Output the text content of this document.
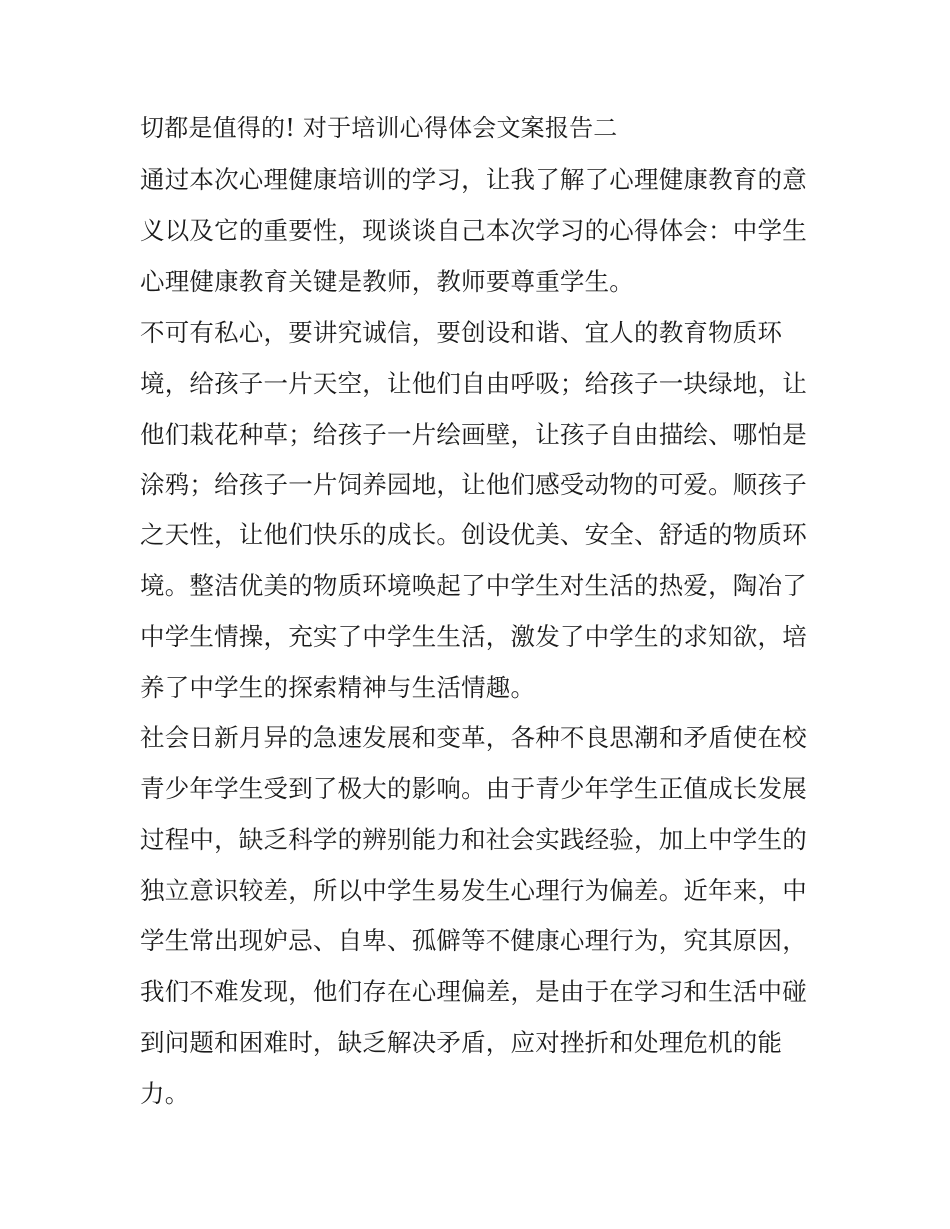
切都是值得的! 对于培训心得体会文案报告二
通过本次心理健康培训的学习，让我了解了心理健康教育的意
义以及它的重要性，现谈谈自己本次学习的心得体会：中学生
心理健康教育关键是教师，教师要尊重学生。
不可有私心，要讲究诚信，要创设和谐、宜人的教育物质环
境，给孩子一片天空，让他们自由呼吸；给孩子一块绿地，让
他们栽花种草；给孩子一片绘画壁，让孩子自由描绘、哪怕是
涂鸦；给孩子一片饲养园地，让他们感受动物的可爱。顺孩子
之天性，让他们快乐的成长。创设优美、安全、舒适的物质环
境。整洁优美的物质环境唤起了中学生对生活的热爱，陶冶了
中学生情操，充实了中学生生活，激发了中学生的求知欲，培
养了中学生的探索精神与生活情趣。
社会日新月异的急速发展和变革，各种不良思潮和矛盾使在校
青少年学生受到了极大的影响。由于青少年学生正值成长发展
过程中，缺乏科学的辨别能力和社会实践经验，加上中学生的
独立意识较差，所以中学生易发生心理行为偏差。近年来，中
学生常出现妒忌、自卑、孤僻等不健康心理行为，究其原因，
我们不难发现，他们存在心理偏差，是由于在学习和生活中碰
到问题和困难时，缺乏解决矛盾，应对挫折和处理危机的能
力。
